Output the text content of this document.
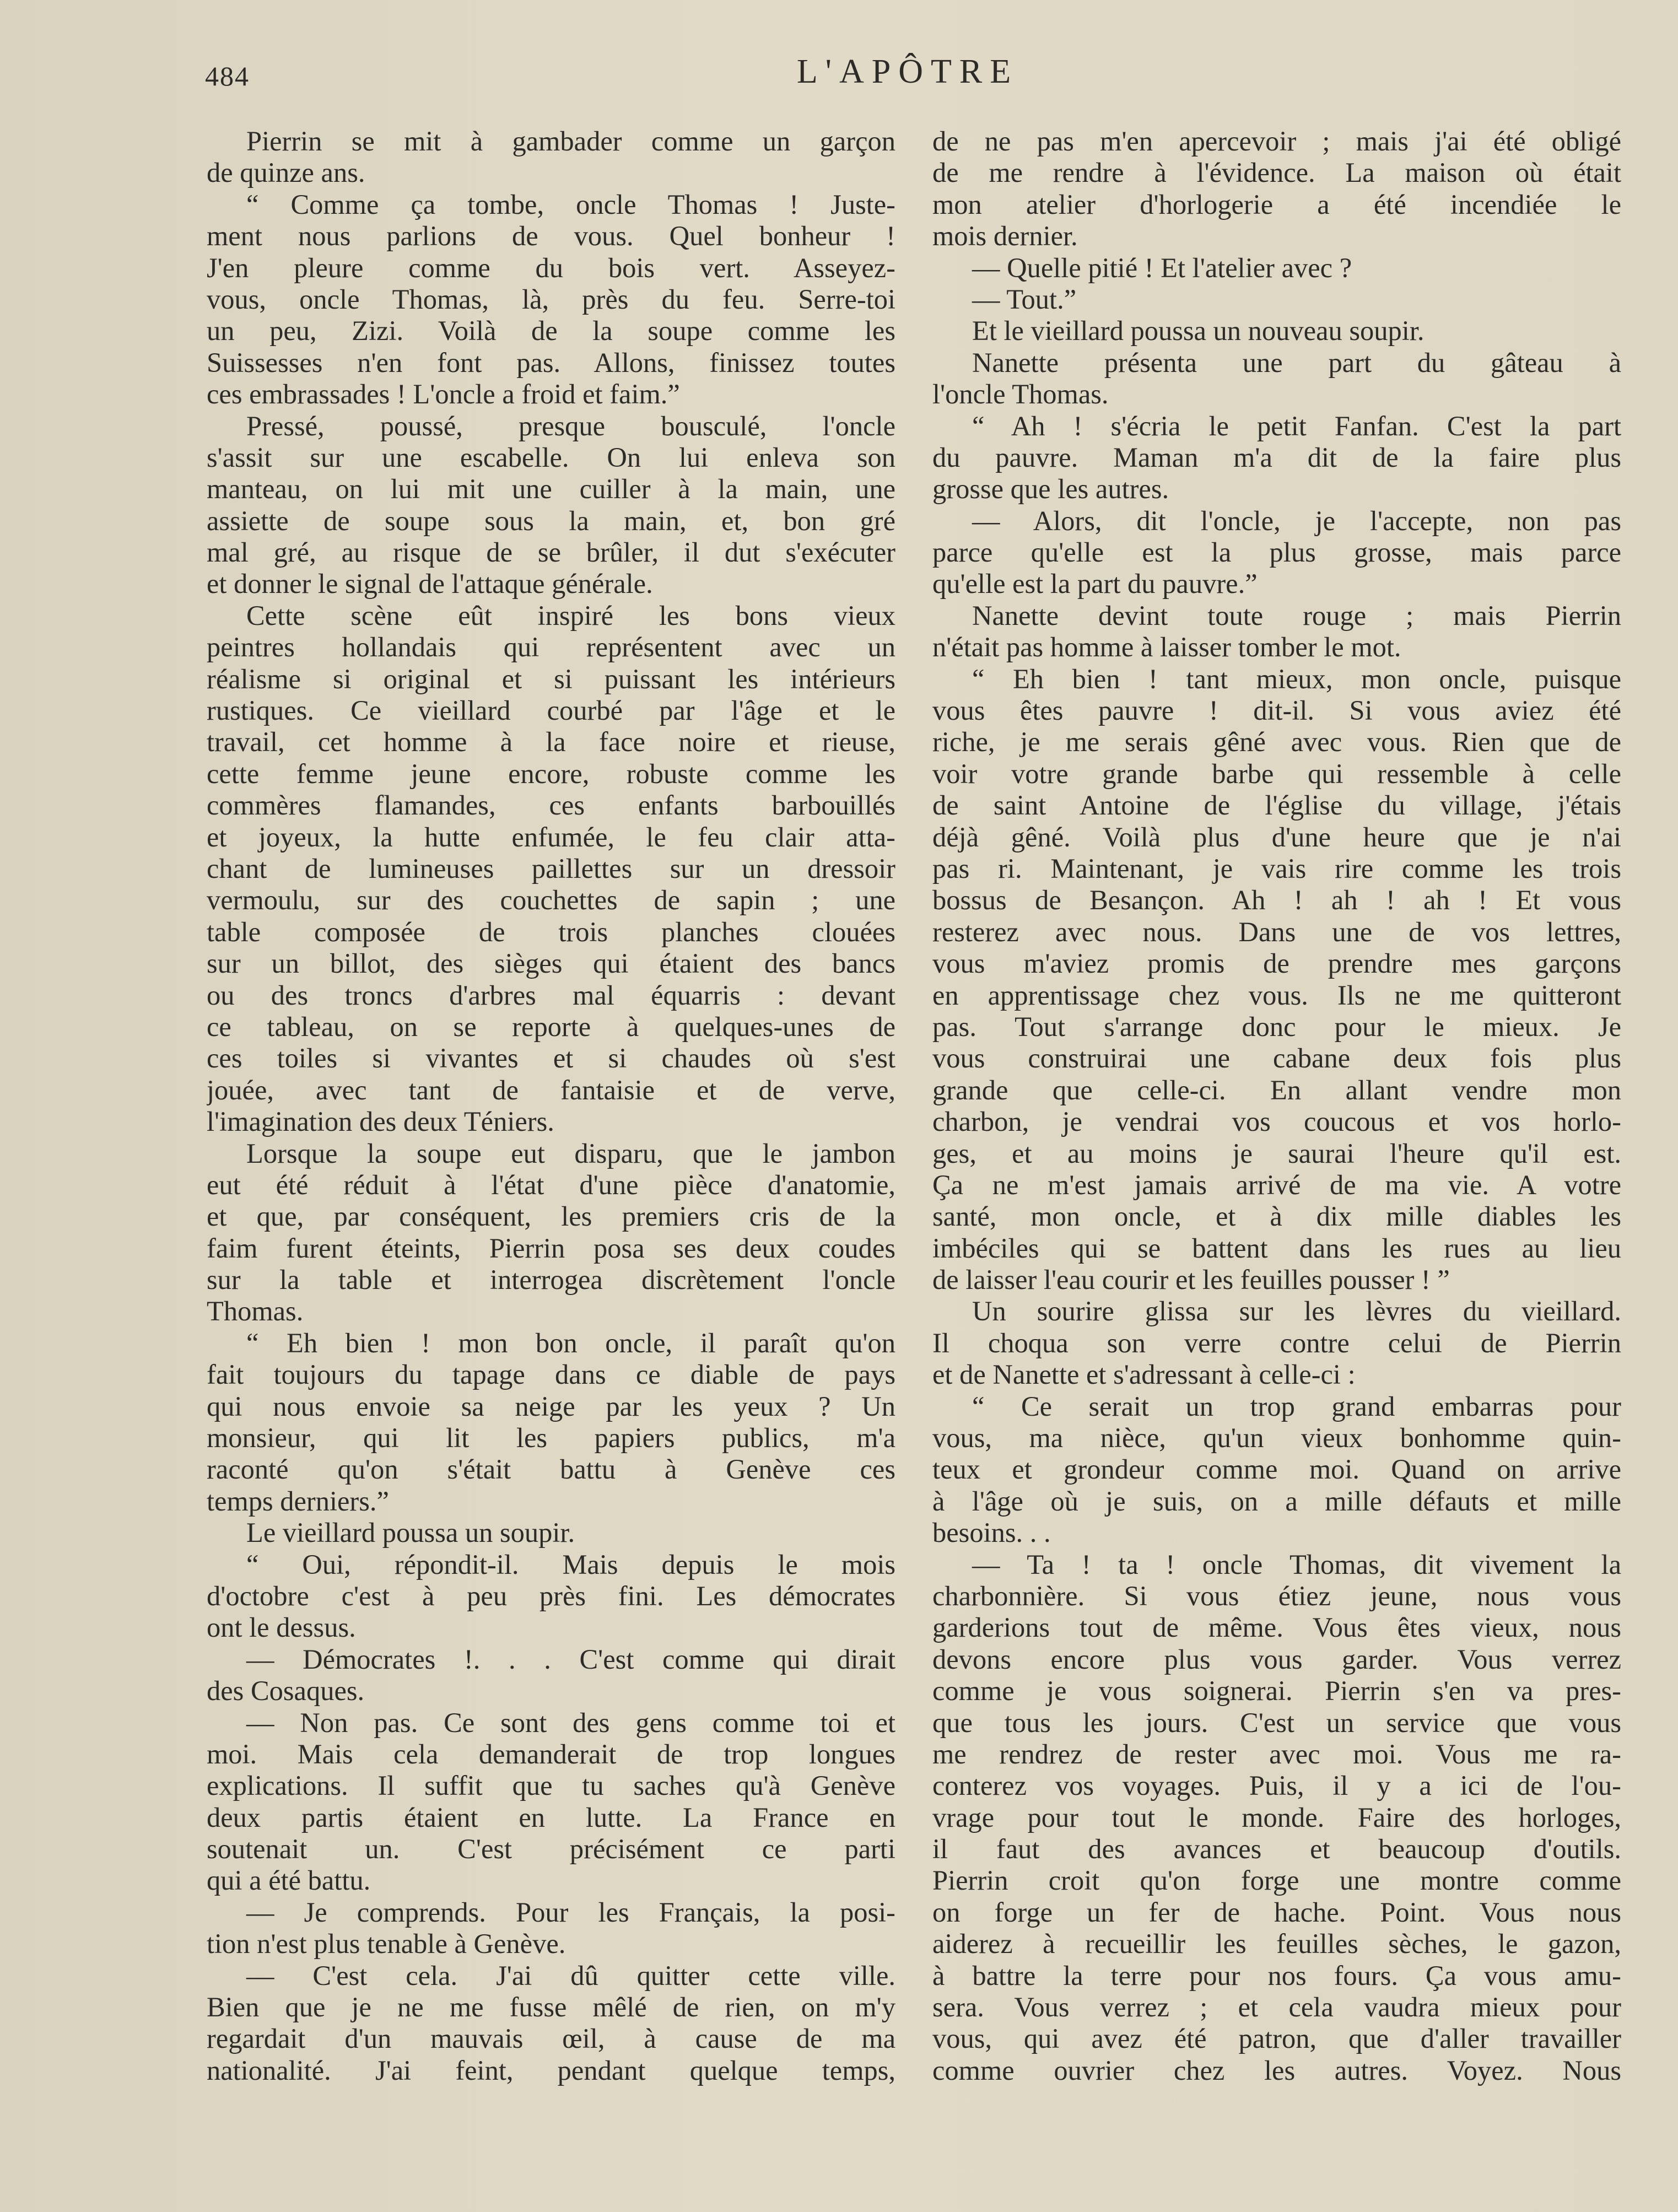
484	L'APÔTRE
Pierrin se mit à gambader comme un garçon
de quinze ans.
“ Comme ça tombe, oncle Thomas ! Juste-
ment nous parlions de vous. Quel bonheur !
J'en pleure comme du bois vert. Asseyez-
vous, oncle Thomas, là, près du feu. Serre-toi
un peu, Zizi. Voilà de la soupe comme les
Suissesses n'en font pas. Allons, finissez toutes
ces embrassades ! L'oncle a froid et faim.”
Pressé, poussé, presque bousculé, l'oncle
s'assit sur une escabelle. On lui enleva son
manteau, on lui mit une cuiller à la main, une
assiette de soupe sous la main, et, bon gré
mal gré, au risque de se brûler, il dut s'exécuter
et donner le signal de l'attaque générale.
Cette scène eût inspiré les bons vieux
peintres hollandais qui représentent avec un
réalisme si original et si puissant les intérieurs
rustiques. Ce vieillard courbé par l'âge et le
travail, cet homme à la face noire et rieuse,
cette femme jeune encore, robuste comme les
commères flamandes, ces enfants barbouillés
et joyeux, la hutte enfumée, le feu clair atta-
chant de lumineuses paillettes sur un dressoir
vermoulu, sur des couchettes de sapin ; une
table composée de trois planches clouées
sur un billot, des sièges qui étaient des bancs
ou des troncs d'arbres mal équarris : devant
ce tableau, on se reporte à quelques-unes de
ces toiles si vivantes et si chaudes où s'est
jouée, avec tant de fantaisie et de verve,
l'imagination des deux Téniers.
Lorsque la soupe eut disparu, que le jambon
eut été réduit à l'état d'une pièce d'anatomie,
et que, par conséquent, les premiers cris de la
faim furent éteints, Pierrin posa ses deux coudes
sur la table et interrogea discrètement l'oncle
Thomas.
“ Eh bien ! mon bon oncle, il paraît qu'on
fait toujours du tapage dans ce diable de pays
qui nous envoie sa neige par les yeux ? Un
monsieur, qui lit les papiers publics, m'a
raconté qu'on s'était battu à Genève ces
temps derniers.”
Le vieillard poussa un soupir.
“ Oui, répondit-il. Mais depuis le mois
d'octobre c'est à peu près fini. Les démocrates
ont le dessus.
— Démocrates !. . . C'est comme qui dirait
des Cosaques.
— Non pas. Ce sont des gens comme toi et
moi. Mais cela demanderait de trop longues
explications. Il suffit que tu saches qu'à Genève
deux partis étaient en lutte. La France en
soutenait un. C'est précisément ce parti
qui a été battu.
— Je comprends. Pour les Français, la posi-
tion n'est plus tenable à Genève.
— C'est cela. J'ai dû quitter cette ville.
Bien que je ne me fusse mêlé de rien, on m'y
regardait d'un mauvais œil, à cause de ma
nationalité. J'ai feint, pendant quelque temps,
de ne pas m'en apercevoir ; mais j'ai été obligé
de me rendre à l'évidence. La maison où était
mon atelier d'horlogerie a été incendiée le
mois dernier.
— Quelle pitié ! Et l'atelier avec ?
— Tout.”
Et le vieillard poussa un nouveau soupir.
Nanette présenta une part du gâteau à
l'oncle Thomas.
“ Ah ! s'écria le petit Fanfan. C'est la part
du pauvre. Maman m'a dit de la faire plus
grosse que les autres.
— Alors, dit l'oncle, je l'accepte, non pas
parce qu'elle est la plus grosse, mais parce
qu'elle est la part du pauvre.”
Nanette devint toute rouge ; mais Pierrin
n'était pas homme à laisser tomber le mot.
“ Eh bien ! tant mieux, mon oncle, puisque
vous êtes pauvre ! dit-il. Si vous aviez été
riche, je me serais gêné avec vous. Rien que de
voir votre grande barbe qui ressemble à celle
de saint Antoine de l'église du village, j'étais
déjà gêné. Voilà plus d'une heure que je n'ai
pas ri. Maintenant, je vais rire comme les trois
bossus de Besançon. Ah ! ah ! ah ! Et vous
resterez avec nous. Dans une de vos lettres,
vous m'aviez promis de prendre mes garçons
en apprentissage chez vous. Ils ne me quitteront
pas. Tout s'arrange donc pour le mieux. Je
vous construirai une cabane deux fois plus
grande que celle-ci. En allant vendre mon
charbon, je vendrai vos coucous et vos horlo-
ges, et au moins je saurai l'heure qu'il est.
Ça ne m'est jamais arrivé de ma vie. A votre
santé, mon oncle, et à dix mille diables les
imbéciles qui se battent dans les rues au lieu
de laisser l'eau courir et les feuilles pousser ! ”
Un sourire glissa sur les lèvres du vieillard.
Il choqua son verre contre celui de Pierrin
et de Nanette et s'adressant à celle-ci :
“ Ce serait un trop grand embarras pour
vous, ma nièce, qu'un vieux bonhomme quin-
teux et grondeur comme moi. Quand on arrive
à l'âge où je suis, on a mille défauts et mille
besoins. . .
— Ta ! ta ! oncle Thomas, dit vivement la
charbonnière. Si vous étiez jeune, nous vous
garderions tout de même. Vous êtes vieux, nous
devons encore plus vous garder. Vous verrez
comme je vous soignerai. Pierrin s'en va pres-
que tous les jours. C'est un service que vous
me rendrez de rester avec moi. Vous me ra-
conterez vos voyages. Puis, il y a ici de l'ou-
vrage pour tout le monde. Faire des horloges,
il faut des avances et beaucoup d'outils.
Pierrin croit qu'on forge une montre comme
on forge un fer de hache. Point. Vous nous
aiderez à recueillir les feuilles sèches, le gazon,
à battre la terre pour nos fours. Ça vous amu-
sera. Vous verrez ; et cela vaudra mieux pour
vous, qui avez été patron, que d'aller travailler
comme ouvrier chez les autres. Voyez. Nous
